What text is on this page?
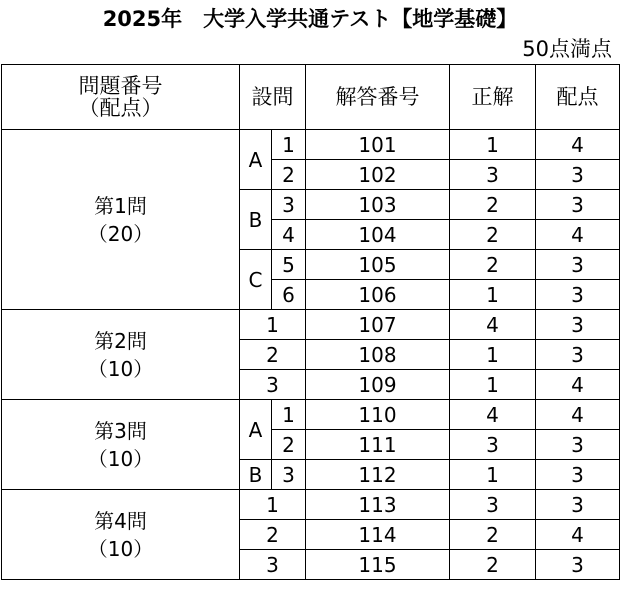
2025年　大学入学共通テスト【地学基礎】
50点満点
問題番号
（配点）	設問		解答番号	正解	配点

第1問
（20）	A	1	101	1	4
		2	102	3	3
	B	3	103	2	3
		4	104	2	4
	C	5	105	2	3
		6	106	1	3

第2問
（10）	1		107	4	3
	2		108	1	3
	3		109	1	4

第3問
（10）	A	1	110	4	4
		2	111	3	3
	B	3	112	1	3

第4問
（10）	1		113	3	3
	2		114	2	4
	3		115	2	3
